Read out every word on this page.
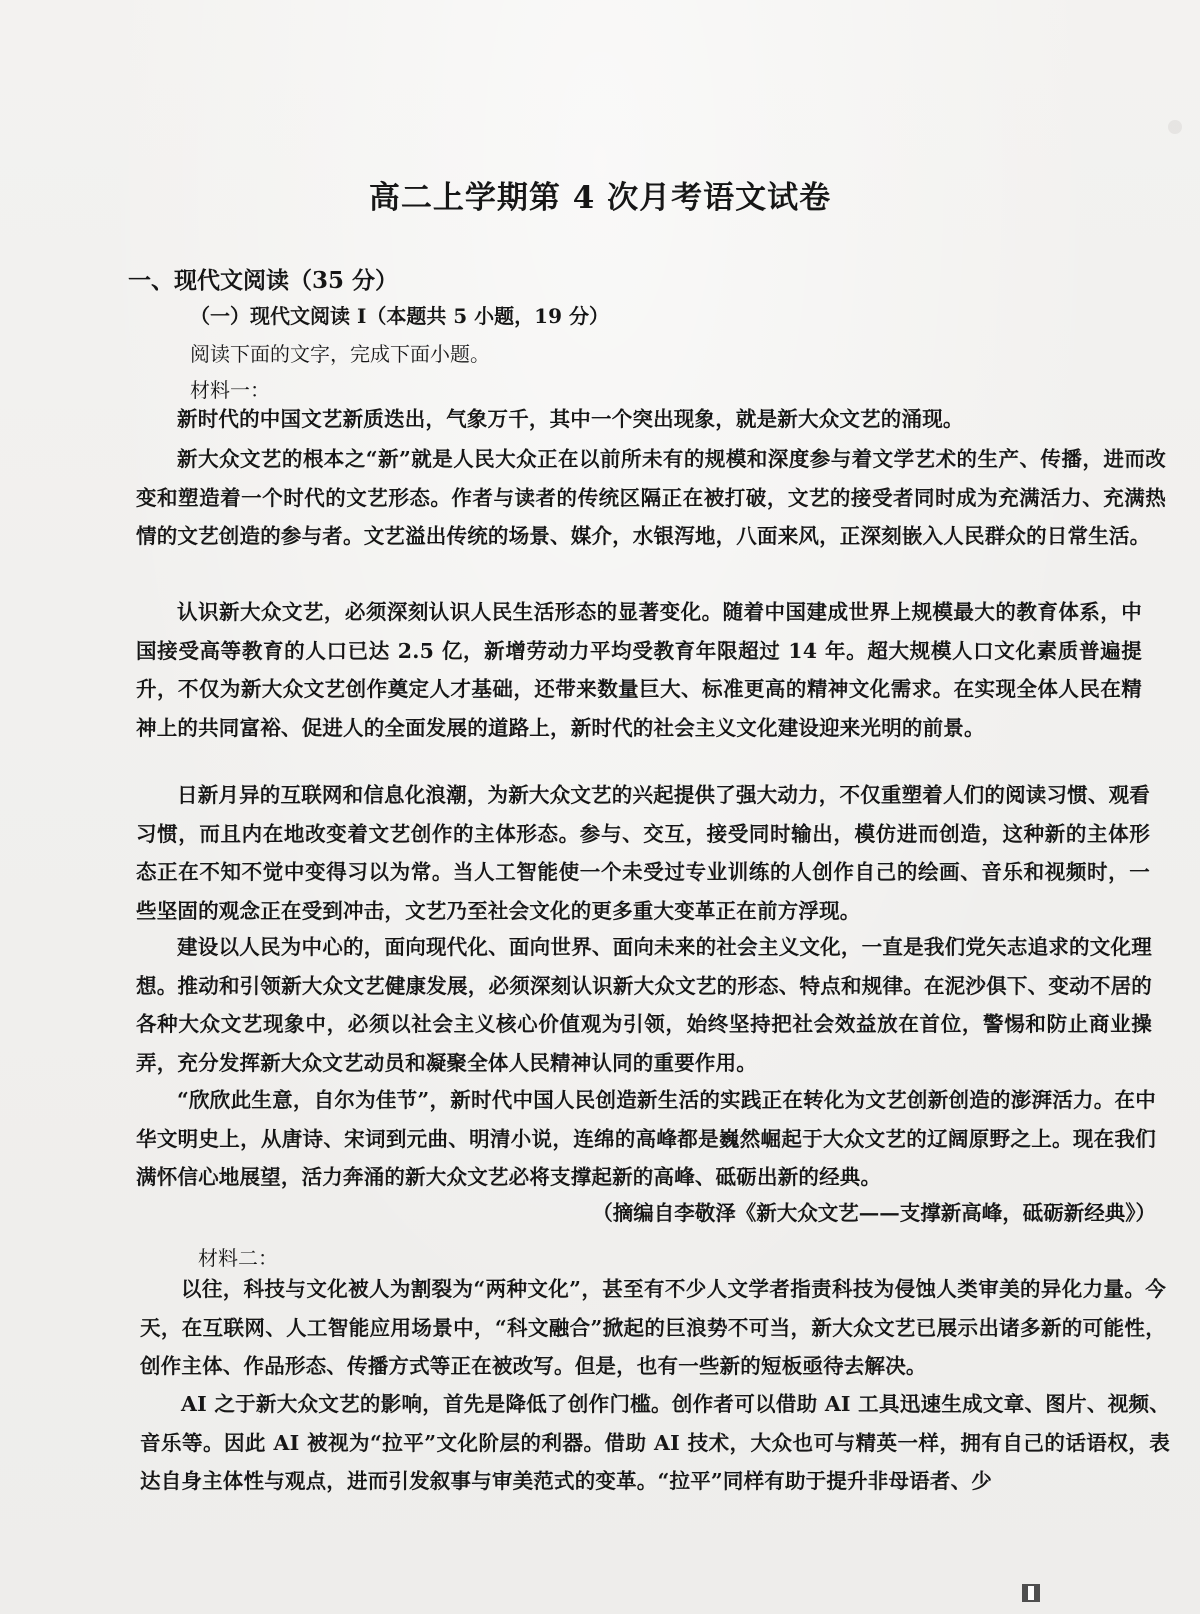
高二上学期第 4 次月考语文试卷
一、现代文阅读（35 分）
（一）现代文阅读 I（本题共 5 小题，19 分）
阅读下面的文字，完成下面小题。
材料一：
新时代的中国文艺新质迭出，气象万千，其中一个突出现象，就是新大众文艺的涌现。
新大众文艺的根本之“新”就是人民大众正在以前所未有的规模和深度参与着文学艺术的生产、传播，进而改变和塑造着一个时代的文艺形态。作者与读者的传统区隔正在被打破，文艺的接受者同时成为充满活力、充满热情的文艺创造的参与者。文艺溢出传统的场景、媒介，水银泻地，八面来风，正深刻嵌入人民群众的日常生活。
认识新大众文艺，必须深刻认识人民生活形态的显著变化。随着中国建成世界上规模最大的教育体系，中国接受高等教育的人口已达 2.5 亿，新增劳动力平均受教育年限超过 14 年。超大规模人口文化素质普遍提升，不仅为新大众文艺创作奠定人才基础，还带来数量巨大、标准更高的精神文化需求。在实现全体人民在精神上的共同富裕、促进人的全面发展的道路上，新时代的社会主义文化建设迎来光明的前景。
日新月异的互联网和信息化浪潮，为新大众文艺的兴起提供了强大动力，不仅重塑着人们的阅读习惯、观看习惯，而且内在地改变着文艺创作的主体形态。参与、交互，接受同时输出，模仿进而创造，这种新的主体形态正在不知不觉中变得习以为常。当人工智能使一个未受过专业训练的人创作自己的绘画、音乐和视频时，一些坚固的观念正在受到冲击，文艺乃至社会文化的更多重大变革正在前方浮现。
建设以人民为中心的，面向现代化、面向世界、面向未来的社会主义文化，一直是我们党矢志追求的文化理想。推动和引领新大众文艺健康发展，必须深刻认识新大众文艺的形态、特点和规律。在泥沙俱下、变动不居的各种大众文艺现象中，必须以社会主义核心价值观为引领，始终坚持把社会效益放在首位，警惕和防止商业操弄，充分发挥新大众文艺动员和凝聚全体人民精神认同的重要作用。
“欣欣此生意，自尔为佳节”，新时代中国人民创造新生活的实践正在转化为文艺创新创造的澎湃活力。在中华文明史上，从唐诗、宋词到元曲、明清小说，连绵的高峰都是巍然崛起于大众文艺的辽阔原野之上。现在我们满怀信心地展望，活力奔涌的新大众文艺必将支撑起新的高峰、砥砺出新的经典。
（摘编自李敬泽《新大众文艺——支撑新高峰，砥砺新经典》）
材料二：
以往，科技与文化被人为割裂为“两种文化”，甚至有不少人文学者指责科技为侵蚀人类审美的异化力量。今天，在互联网、人工智能应用场景中，“科文融合”掀起的巨浪势不可当，新大众文艺已展示出诸多新的可能性，创作主体、作品形态、传播方式等正在被改写。但是，也有一些新的短板亟待去解决。
AI 之于新大众文艺的影响，首先是降低了创作门槛。创作者可以借助 AI 工具迅速生成文章、图片、视频、音乐等。因此 AI 被视为“拉平”文化阶层的利器。借助 AI 技术，大众也可与精英一样，拥有自己的话语权，表达自身主体性与观点，进而引发叙事与审美范式的变革。“拉平”同样有助于提升非母语者、少
